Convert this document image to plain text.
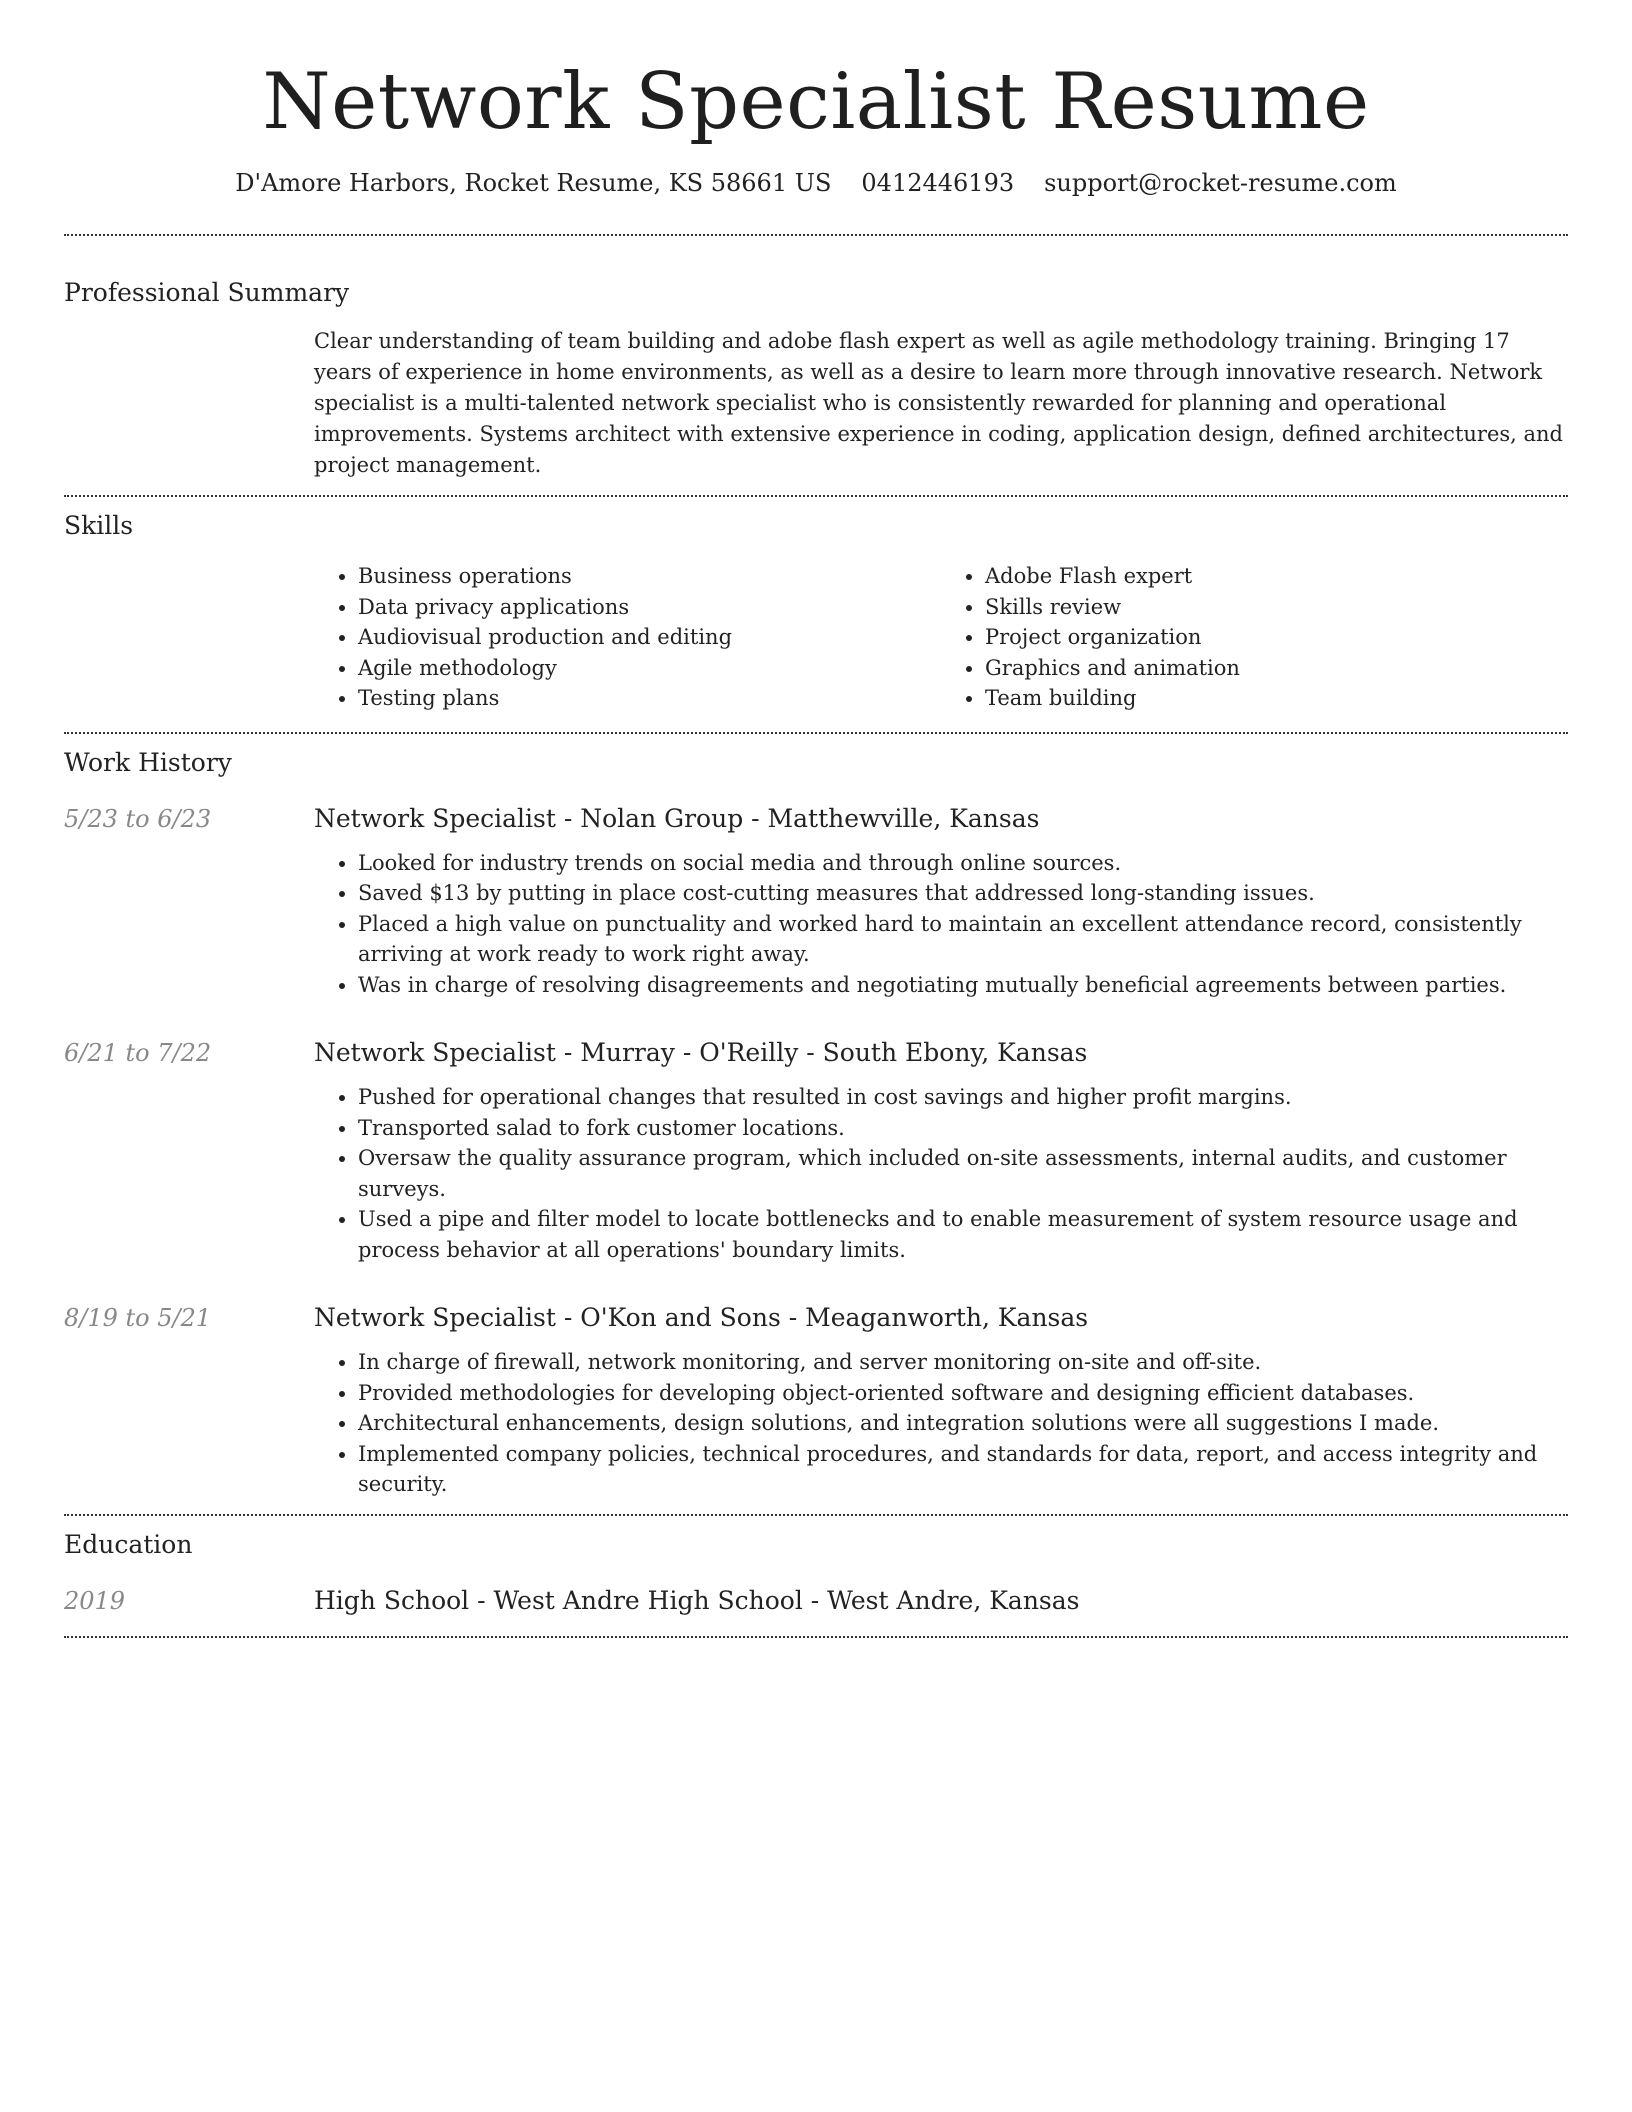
Network Specialist Resume
D'Amore Harbors, Rocket Resume, KS 58661 US 0412446193 support@rocket-resume.com
Professional Summary

Clear understanding of team building and adobe flash expert as well as agile methodology training. Bringing 17 years of experience in home environments, as well as a desire to learn more through innovative research. Network specialist is a multi-talented network specialist who is consistently rewarded for planning and operational improvements. Systems architect with extensive experience in coding, application design, defined architectures, and project management.

Skills
• Business operations
• Data privacy applications
• Audiovisual production and editing
• Agile methodology
• Testing plans
• Adobe Flash expert
• Skills review
• Project organization
• Graphics and animation
• Team building
Work History
5/23 to 6/23	Network Specialist - Nolan Group - Matthewville, Kansas
• Looked for industry trends on social media and through online sources.
• Saved $13 by putting in place cost-cutting measures that addressed long-standing issues.
• Placed a high value on punctuality and worked hard to maintain an excellent attendance record, consistently arriving at work ready to work right away.
• Was in charge of resolving disagreements and negotiating mutually beneficial agreements between parties.
6/21 to 7/22	Network Specialist - Murray - O'Reilly - South Ebony, Kansas
• Pushed for operational changes that resulted in cost savings and higher profit margins.
• Transported salad to fork customer locations.
• Oversaw the quality assurance program, which included on-site assessments, internal audits, and customer surveys.
• Used a pipe and filter model to locate bottlenecks and to enable measurement of system resource usage and process behavior at all operations' boundary limits.
8/19 to 5/21	Network Specialist - O'Kon and Sons - Meaganworth, Kansas
• In charge of firewall, network monitoring, and server monitoring on-site and off-site.
• Provided methodologies for developing object-oriented software and designing efficient databases.
• Architectural enhancements, design solutions, and integration solutions were all suggestions I made.
• Implemented company policies, technical procedures, and standards for data, report, and access integrity and security.
Education
2019	High School - West Andre High School - West Andre, Kansas
